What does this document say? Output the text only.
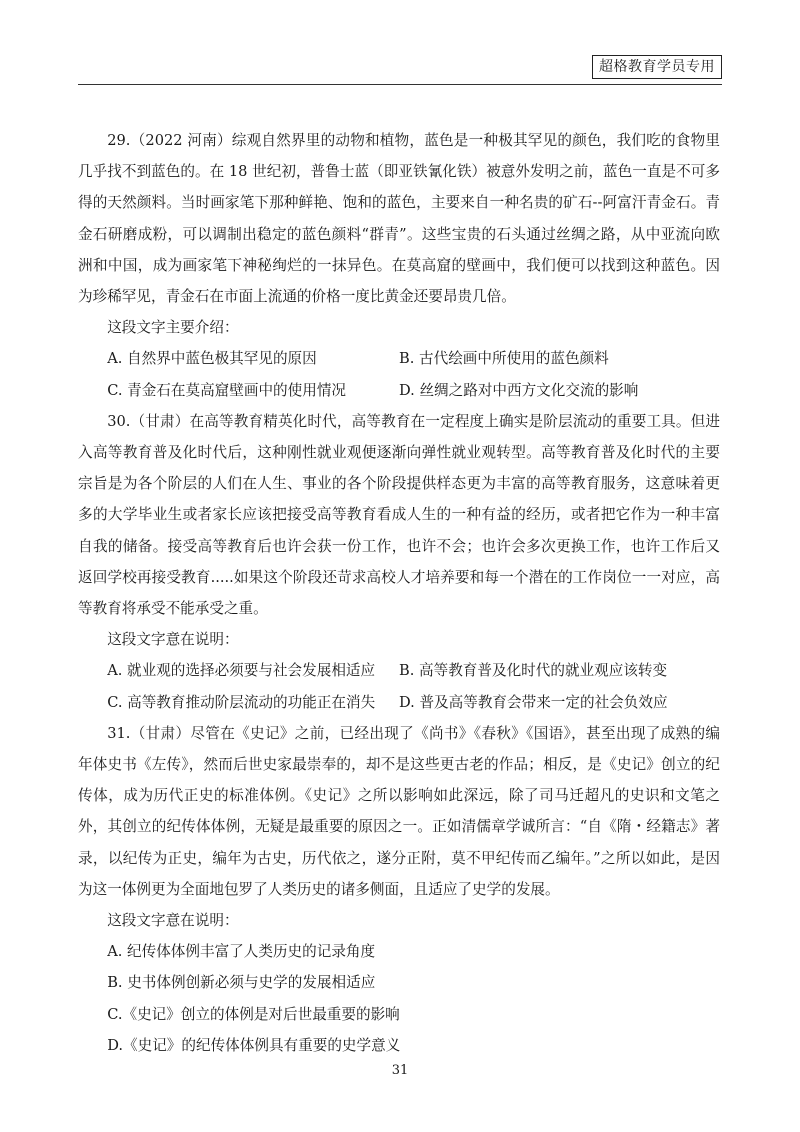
超格教育学员专用

29.（2022 河南）综观自然界里的动物和植物，蓝色是一种极其罕见的颜色，我们吃的食物里几乎找不到蓝色的。在 18 世纪初，普鲁士蓝（即亚铁氰化铁）被意外发明之前，蓝色一直是不可多得的天然颜料。当时画家笔下那种鲜艳、饱和的蓝色，主要来自一种名贵的矿石--阿富汗青金石。青金石研磨成粉，可以调制出稳定的蓝色颜料“群青”。这些宝贵的石头通过丝绸之路，从中亚流向欧洲和中国，成为画家笔下神秘绚烂的一抹异色。在莫高窟的壁画中，我们便可以找到这种蓝色。因为珍稀罕见，青金石在市面上流通的价格一度比黄金还要昂贵几倍。

这段文字主要介绍：

A. 自然界中蓝色极其罕见的原因	B. 古代绘画中所使用的蓝色颜料
C. 青金石在莫高窟壁画中的使用情况	D. 丝绸之路对中西方文化交流的影响

30.（甘肃）在高等教育精英化时代，高等教育在一定程度上确实是阶层流动的重要工具。但进入高等教育普及化时代后，这种刚性就业观便逐渐向弹性就业观转型。高等教育普及化时代的主要宗旨是为各个阶层的人们在人生、事业的各个阶段提供样态更为丰富的高等教育服务，这意味着更多的大学毕业生或者家长应该把接受高等教育看成人生的一种有益的经历，或者把它作为一种丰富自我的储备。接受高等教育后也许会获一份工作，也许不会；也许会多次更换工作，也许工作后又返回学校再接受教育.....如果这个阶段还苛求高校人才培养要和每一个潜在的工作岗位一一对应，高等教育将承受不能承受之重。

这段文字意在说明：

A. 就业观的选择必须要与社会发展相适应	B. 高等教育普及化时代的就业观应该转变
C. 高等教育推动阶层流动的功能正在消失	D. 普及高等教育会带来一定的社会负效应

31.（甘肃）尽管在《史记》之前，已经出现了《尚书》《春秋》《国语》，甚至出现了成熟的编年体史书《左传》，然而后世史家最崇奉的，却不是这些更古老的作品；相反，是《史记》创立的纪传体，成为历代正史的标准体例。《史记》之所以影响如此深远，除了司马迁超凡的史识和文笔之外，其创立的纪传体体例，无疑是最重要的原因之一。正如清儒章学诚所言：“自《隋・经籍志》著录，以纪传为正史，编年为古史，历代依之，遂分正附，莫不甲纪传而乙编年。”之所以如此，是因为这一体例更为全面地包罗了人类历史的诸多侧面，且适应了史学的发展。

这段文字意在说明：

A. 纪传体体例丰富了人类历史的记录角度
B. 史书体例创新必须与史学的发展相适应
C.《史记》创立的体例是对后世最重要的影响
D.《史记》的纪传体体例具有重要的史学意义
31
